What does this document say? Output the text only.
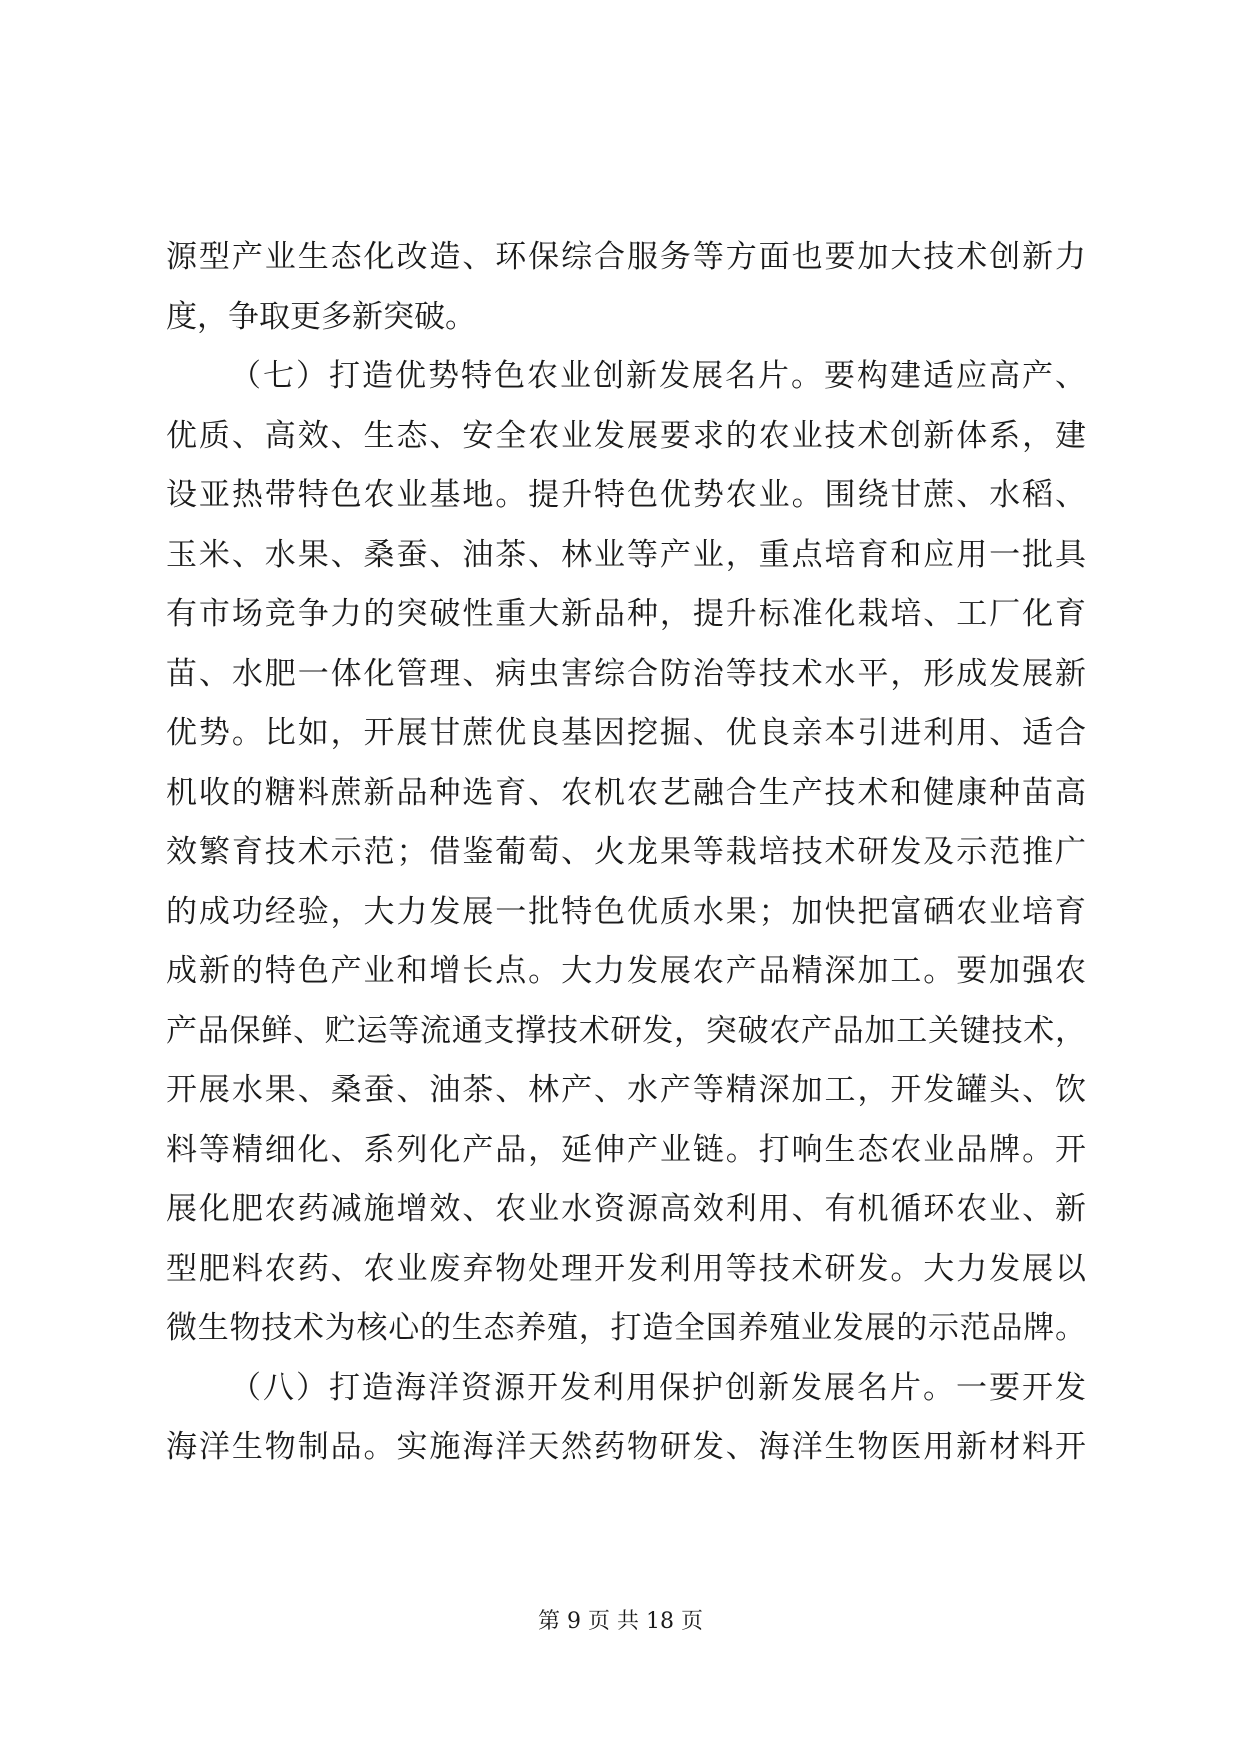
源型产业生态化改造、环保综合服务等方面也要加大技术创新力
度，争取更多新突破。
（七）打造优势特色农业创新发展名片。要构建适应高产、
优质、高效、生态、安全农业发展要求的农业技术创新体系，建
设亚热带特色农业基地。提升特色优势农业。围绕甘蔗、水稻、
玉米、水果、桑蚕、油茶、林业等产业，重点培育和应用一批具
有市场竞争力的突破性重大新品种，提升标准化栽培、工厂化育
苗、水肥一体化管理、病虫害综合防治等技术水平，形成发展新
优势。比如，开展甘蔗优良基因挖掘、优良亲本引进利用、适合
机收的糖料蔗新品种选育、农机农艺融合生产技术和健康种苗高
效繁育技术示范；借鉴葡萄、火龙果等栽培技术研发及示范推广
的成功经验，大力发展一批特色优质水果；加快把富硒农业培育
成新的特色产业和增长点。大力发展农产品精深加工。要加强农
产品保鲜、贮运等流通支撑技术研发，突破农产品加工关键技术，
开展水果、桑蚕、油茶、林产、水产等精深加工，开发罐头、饮
料等精细化、系列化产品，延伸产业链。打响生态农业品牌。开
展化肥农药减施增效、农业水资源高效利用、有机循环农业、新
型肥料农药、农业废弃物处理开发利用等技术研发。大力发展以
微生物技术为核心的生态养殖，打造全国养殖业发展的示范品牌。
（八）打造海洋资源开发利用保护创新发展名片。一要开发
海洋生物制品。实施海洋天然药物研发、海洋生物医用新材料开
第 9 页 共 18 页
